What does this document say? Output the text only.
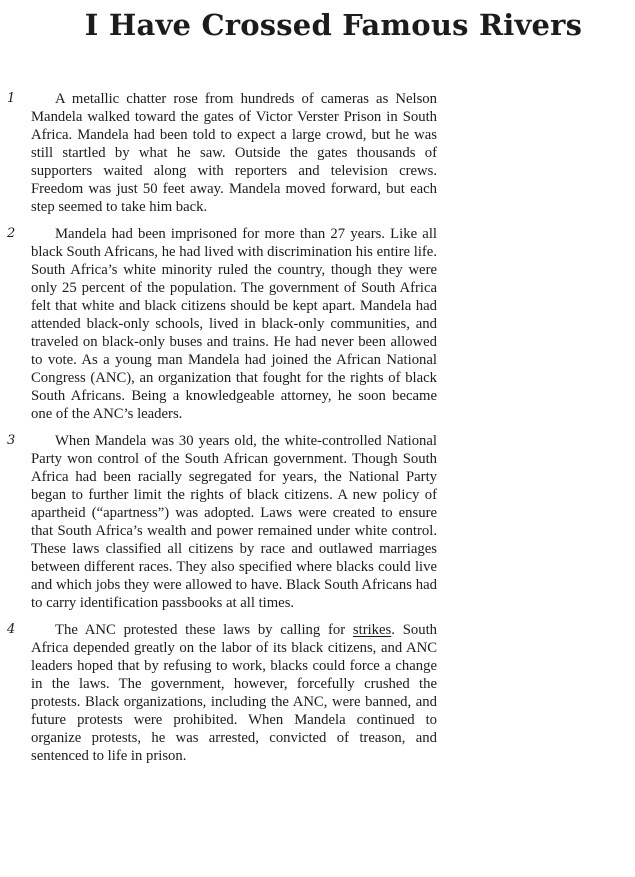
I Have Crossed Famous Rivers
1	A metallic chatter rose from hundreds of cameras as Nelson Mandela walked toward the gates of Victor Verster Prison in South Africa. Mandela had been told to expect a large crowd, but he was still startled by what he saw. Outside the gates thousands of supporters waited along with reporters and television crews. Freedom was just 50 feet away. Mandela moved forward, but each step seemed to take him back.

2	Mandela had been imprisoned for more than 27 years. Like all black South Africans, he had lived with discrimination his entire life. South Africa’s white minority ruled the country, though they were only 25 percent of the population. The government of South Africa felt that white and black citizens should be kept apart. Mandela had attended black-only schools, lived in black-only communities, and traveled on black-only buses and trains. He had never been allowed to vote. As a young man Mandela had joined the African National Congress (ANC), an organization that fought for the rights of black South Africans. Being a knowledgeable attorney, he soon became one of the ANC’s leaders.

3	When Mandela was 30 years old, the white-controlled National Party won control of the South African government. Though South Africa had been racially segregated for years, the National Party began to further limit the rights of black citizens. A new policy of apartheid (“apartness”) was adopted. Laws were created to ensure that South Africa’s wealth and power remained under white control. These laws classified all citizens by race and outlawed marriages between different races. They also specified where blacks could live and which jobs they were allowed to have. Black South Africans had to carry identification passbooks at all times.

4	The ANC protested these laws by calling for strikes. South Africa depended greatly on the labor of its black citizens, and ANC leaders hoped that by refusing to work, blacks could force a change in the laws. The government, however, forcefully crushed the protests. Black organizations, including the ANC, were banned, and future protests were prohibited. When Mandela continued to organize protests, he was arrested, convicted of treason, and sentenced to life in prison.
